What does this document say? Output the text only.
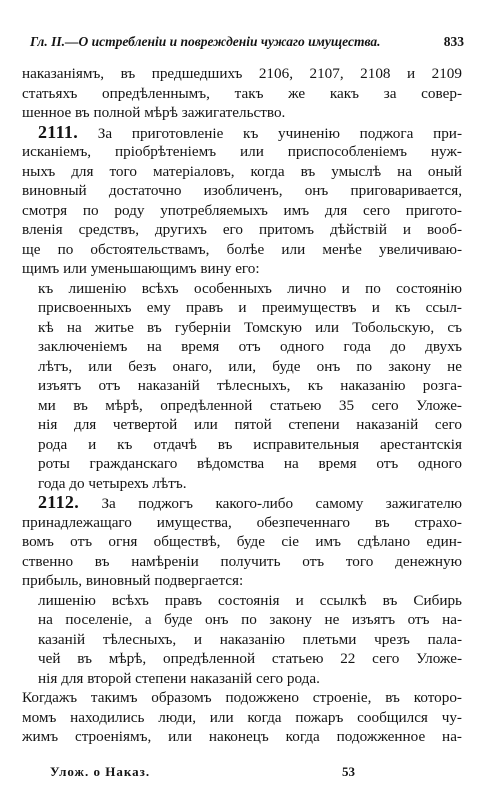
Гл. II.—О истребленiи и поврежденiи чужаго имущества.	833
наказанiямъ, въ предшедшихъ 2106, 2107, 2108 и 2109
статьяхъ опредѣленнымъ, такъ же какъ за совер-
шенное въ полной мѣрѣ зажигательство.
2111. За приготовленiе къ учиненiю поджога при-
исканiемъ, прiобрѣтенiемъ или приспособленiемъ нуж-
ныхъ для того матерiаловъ, когда въ умыслѣ на оный
виновный достаточно изобличенъ, онъ приговаривается,
смотря по роду употребляемыхъ имъ для сего пригото-
вленiя средствъ, другихъ его притомъ дѣйствiй и вооб-
ще по обстоятельствамъ, болѣе или менѣе увеличиваю-
щимъ или уменьшающимъ вину его:
къ лишенiю всѣхъ особенныхъ лично и по состоянiю
присвоенныхъ ему правъ и преимуществъ и къ ссыл-
кѣ на житье въ губернiи Томскую или Тобольскую, съ
заключенiемъ на время отъ одного года до двухъ
лѣтъ, или безъ онаго, или, буде онъ по закону не
изъятъ отъ наказанiй тѣлесныхъ, къ наказанiю розга-
ми въ мѣрѣ, опредѣленной статьею 35 сего Уложе-
нiя для четвертой или пятой степени наказанiй сего
рода и къ отдачѣ въ исправительныя арестантскiя
роты гражданскаго вѣдомства на время отъ одного
года до четырехъ лѣтъ.
2112. За поджогъ какого-либо самому зажигателю
принадлежащаго имущества, обезпеченнаго въ страхо-
вомъ отъ огня обществѣ, буде сiе имъ сдѣлано един-
ственно въ намѣренiи получить отъ того денежную
прибыль, виновный подвергается:
лишенiю всѣхъ правъ состоянiя и ссылкѣ въ Сибирь
на поселенiе, а буде онъ по закону не изъятъ отъ на-
казанiй тѣлесныхъ, и наказанiю плетьми чрезъ пала-
чей въ мѣрѣ, опредѣленной статьею 22 сего Уложе-
нiя для второй степени наказанiй сего рода.
Когдажъ такимъ образомъ подожжено строенiе, въ которо-
момъ находились люди, или когда пожаръ сообщился чу-
жимъ строенiямъ, или наконецъ когда подожженное на-
Улож. о Наказ.	53
